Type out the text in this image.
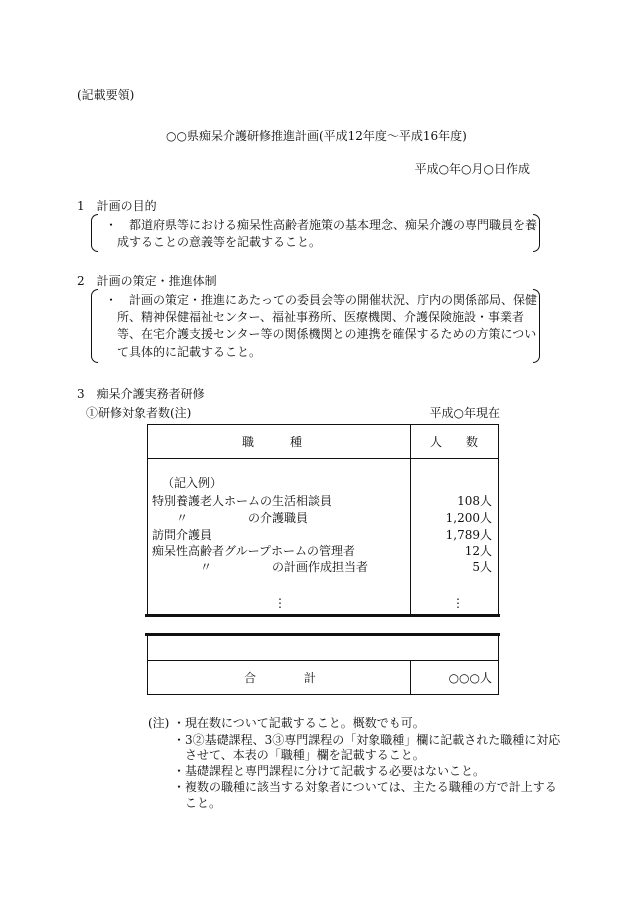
(記載要領)
○○県痴呆介護研修推進計画(平成12年度～平成16年度)
平成○年○月○日作成
1　計画の目的
・　都道府県等における痴呆性高齢者施策の基本理念、痴呆介護の専門職員を養
　成することの意義等を記載すること。
2　計画の策定・推進体制
・　計画の策定・推進にあたっての委員会等の開催状況、庁内の関係部局、保健
　所、精神保健福祉センター、福祉事務所、医療機関、介護保険施設・事業者
　等、在宅介護支援センター等の関係機関との連携を確保するための方策につい
　て具体的に記載すること。
3　痴呆介護実務者研修
①研修対象者数(注)	平成○年現在
職　　　種	人　　数
（記入例）
特別養護老人ホームの生活相談員	108人
　　〃　　　　　の介護職員	1,200人
訪問介護員	1,789人
痴呆性高齢者グループホームの管理者	12人
　　　　〃　　　　　の計画作成担当者	5人
⋮	⋮
合　　　　計	○○○人
(注) ・現在数について記載すること。概数でも可。
・3②基礎課程、3③専門課程の「対象職種」欄に記載された職種に対応
　させて、本表の「職種」欄を記載すること。
・基礎課程と専門課程に分けて記載する必要はないこと。
・複数の職種に該当する対象者については、主たる職種の方で計上する
　こと。
